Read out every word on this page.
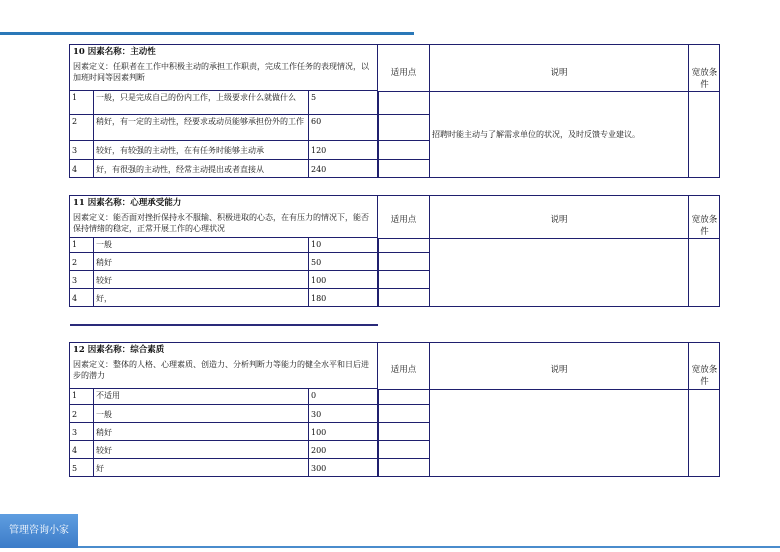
10 因素名称：主动性
因素定义：任职者在工作中积极主动的承担工作职责，完成工作任务的表现情况，以加班时间等因素判断	适用点	说明	宽放条件
1 一般，只是完成自己的份内工作，上级要求什么就做什么	5
2 稍好，有一定的主动性，经要求或动员能够承担份外的工作 60
3 较好，有较强的主动性，在有任务时能够主动承	120
4 好，有很强的主动性，经常主动提出或者直接从	240
招聘时能主动与了解需求单位的状况，及时反馈专业建议。
11 因素名称：心理承受能力
因素定义：能否面对挫折保持永不服输、积极进取的心态，在有压力的情况下，能否保持情绪的稳定，正常开展工作的心理状况
适用点	说明	宽放条件
1 一般	10
2 稍好	50
3 较好	100
4 好，	180
12 因素名称：综合素质
因素定义：整体的人格、心理素质、创造力、分析判断力等能力的健全水平和日后进步的潜力
适用点	说明	宽放条件
1 不适用	0
2 一般	30
3 稍好	100
4 较好	200
5 好	300
管理咨询小家
